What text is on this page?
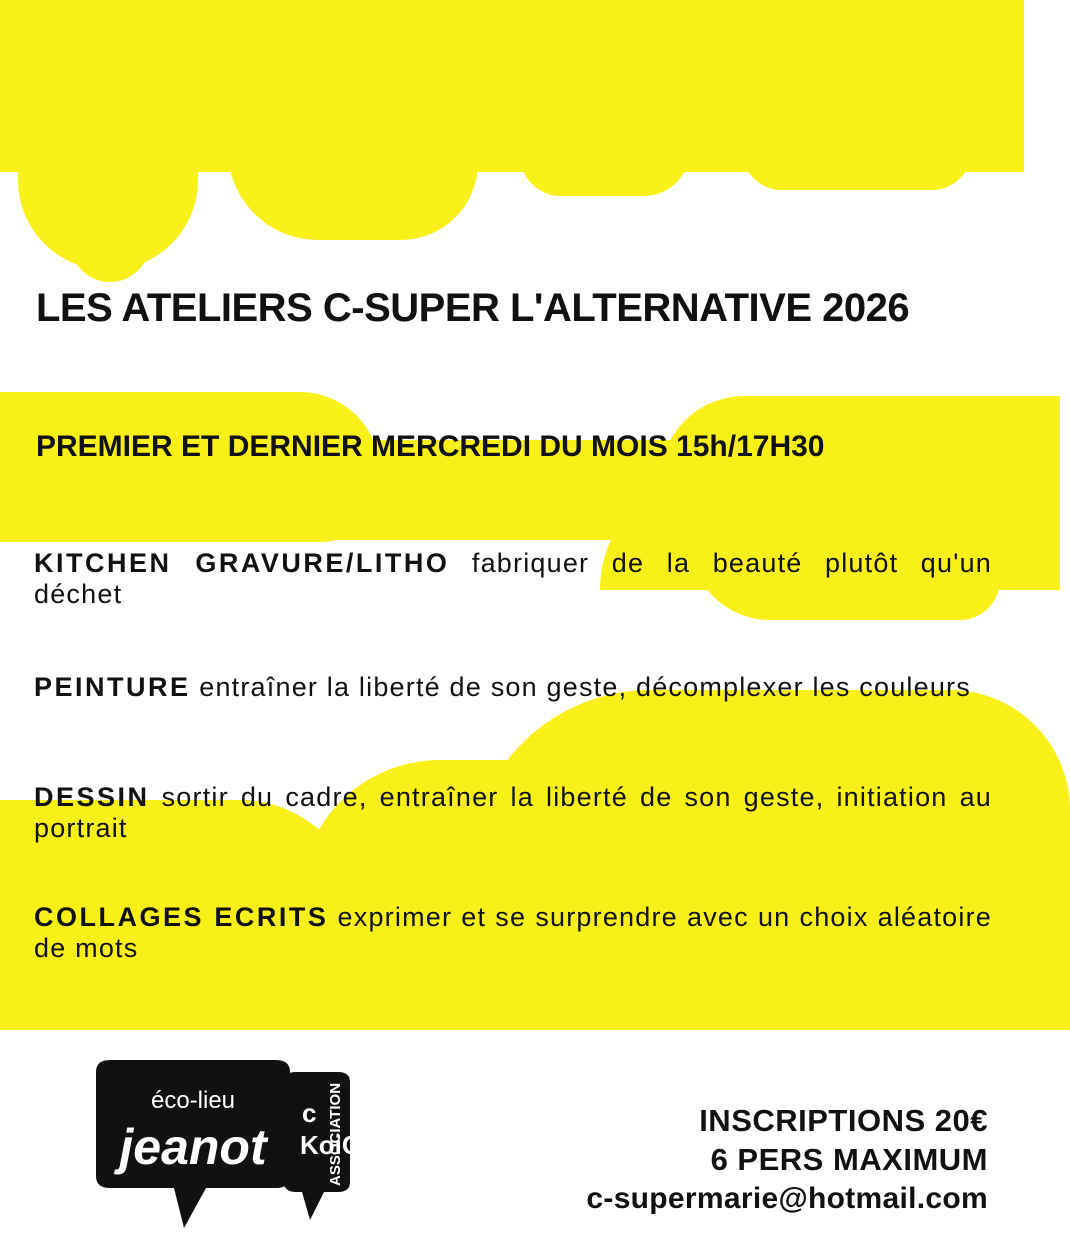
LES ATELIERS C-SUPER L'ALTERNATIVE 2026
PREMIER ET DERNIER MERCREDI DU MOIS 15h/17H30
KITCHEN GRAVURE/LITHO fabriquer de la beauté plutôt qu'un déchet
PEINTURE entraîner la liberté de son geste, décomplexer les couleurs
DESSIN sortir du cadre, entraîner la liberté de son geste, initiation au portrait
COLLAGES ECRITS exprimer et se surprendre avec un choix aléatoire de mots
éco-lieu
jeanot
c
KoiCa
ASSOCIATION	INSCRIPTIONS 20€
6 PERS MAXIMUM
c-supermarie@hotmail.com
